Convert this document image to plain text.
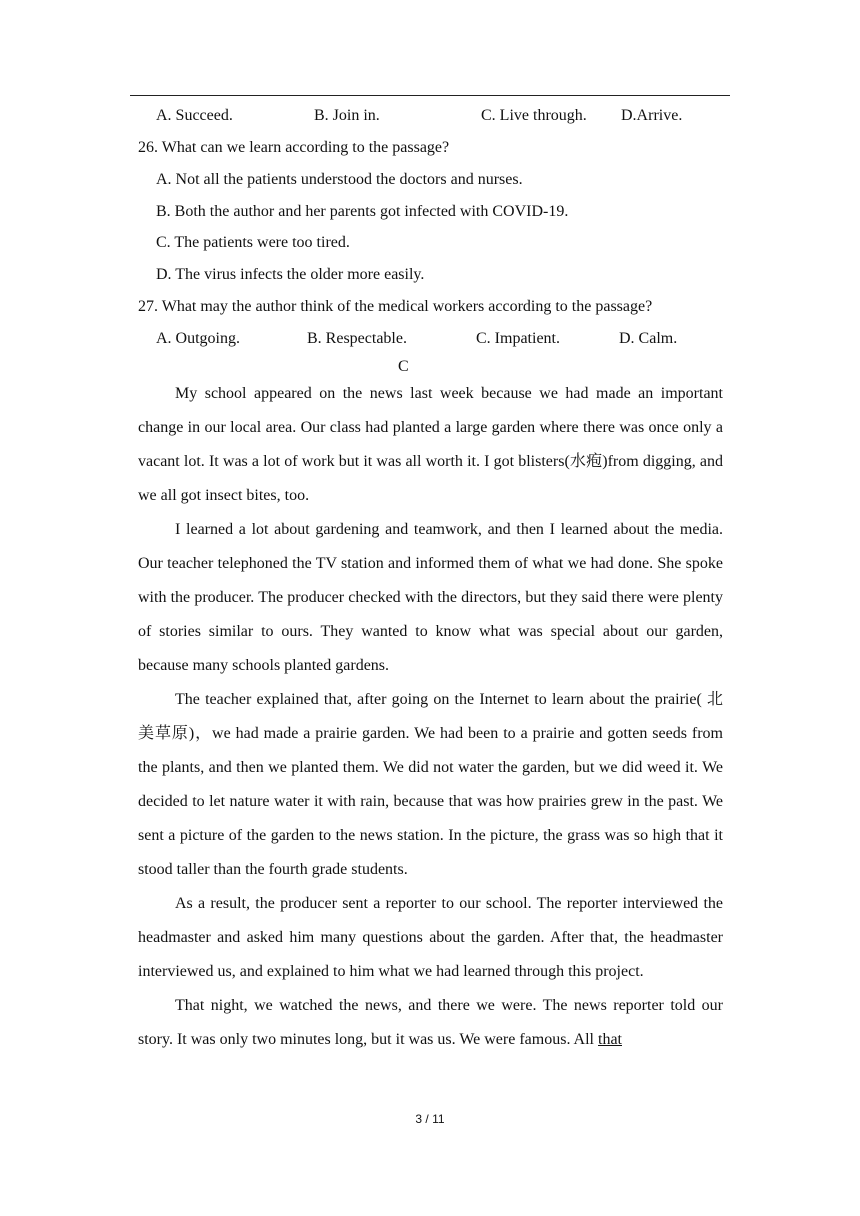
A. Succeed.	B. Join in.	C. Live through. D.Arrive.
26. What can we learn according to the passage?
A. Not all the patients understood the doctors and nurses.
B. Both the author and her parents got infected with COVID-19.
C. The patients were too tired.
D. The virus infects the older more easily.
27. What may the author think of the medical workers according to the passage?
A. Outgoing.	B. Respectable.	C. Impatient.	D. Calm.
C

My school appeared on the news last week because we had made an important change in our local area. Our class had planted a large garden where there was once only a vacant lot. It was a lot of work but it was all worth it. I got blisters(水疱)from digging, and we all got insect bites, too.

I learned a lot about gardening and teamwork, and then I learned about the media. Our teacher telephoned the TV station and informed them of what we had done. She spoke with the producer. The producer checked with the directors, but they said there were plenty of stories similar to ours. They wanted to know what was special about our garden, because many schools planted gardens.

The teacher explained that, after going on the Internet to learn about the prairie( 北 美草原)，we had made a prairie garden. We had been to a prairie and gotten seeds from the plants, and then we planted them. We did not water the garden, but we did weed it. We decided to let nature water it with rain, because that was how prairies grew in the past. We sent a picture of the garden to the news station. In the picture, the grass was so high that it stood taller than the fourth grade students.

As a result, the producer sent a reporter to our school. The reporter interviewed the headmaster and asked him many questions about the garden. After that, the headmaster interviewed us, and explained to him what we had learned through this project.

That night, we watched the news, and there we were. The news reporter told our story. It was only two minutes long, but it was us. We were famous. All that

3 / 11
